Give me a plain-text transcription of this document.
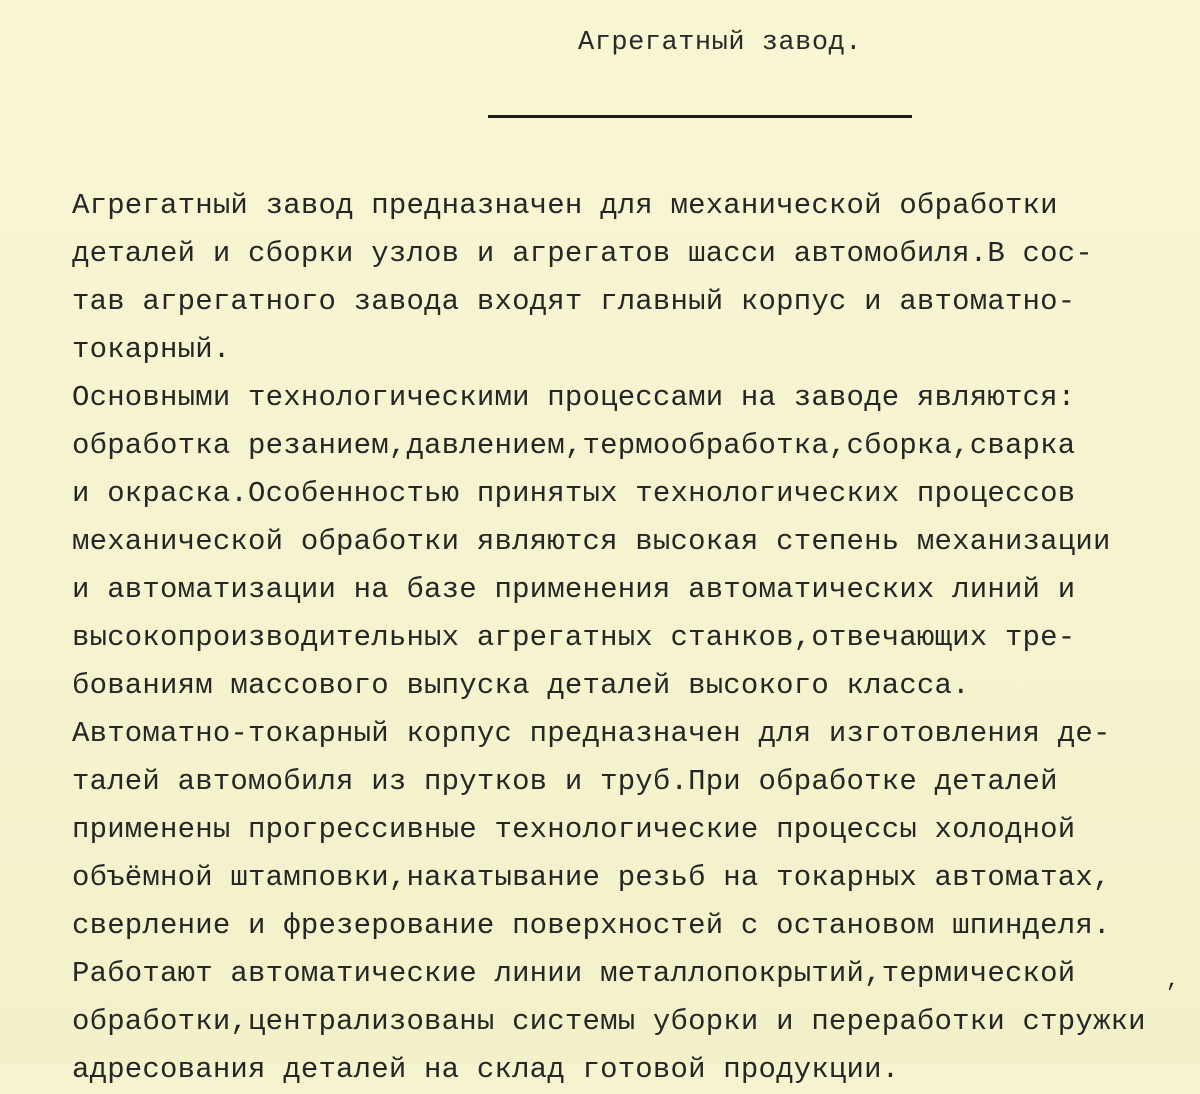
Агрегатный завод.
Агрегатный завод предназначен для механической обработки
деталей и сборки узлов и агрегатов шасси автомобиля.В сос-
тав агрегатного завода входят главный корпус и автоматно-
токарный.
Основными технологическими процессами на заводе являются:
обработка резанием,давлением,термообработка,сборка,сварка
и окраска.Особенностью принятых технологических процессов
механической обработки являются высокая степень механизации
и автоматизации на базе применения автоматических линий и
высокопроизводительных агрегатных станков,отвечающих тре-
бованиям массового выпуска деталей высокого класса.
Автоматно-токарный корпус предназначен для изготовления де-
талей автомобиля из прутков и труб.При обработке деталей
применены прогрессивные технологические процессы холодной
объёмной штамповки,накатывание резьб на токарных автоматах,
сверление и фрезерование поверхностей с остановом шпинделя.
Работают автоматические линии металлопокрытий,термической
обработки,централизованы системы уборки и переработки стружки
адресования деталей на склад готовой продукции.
,
